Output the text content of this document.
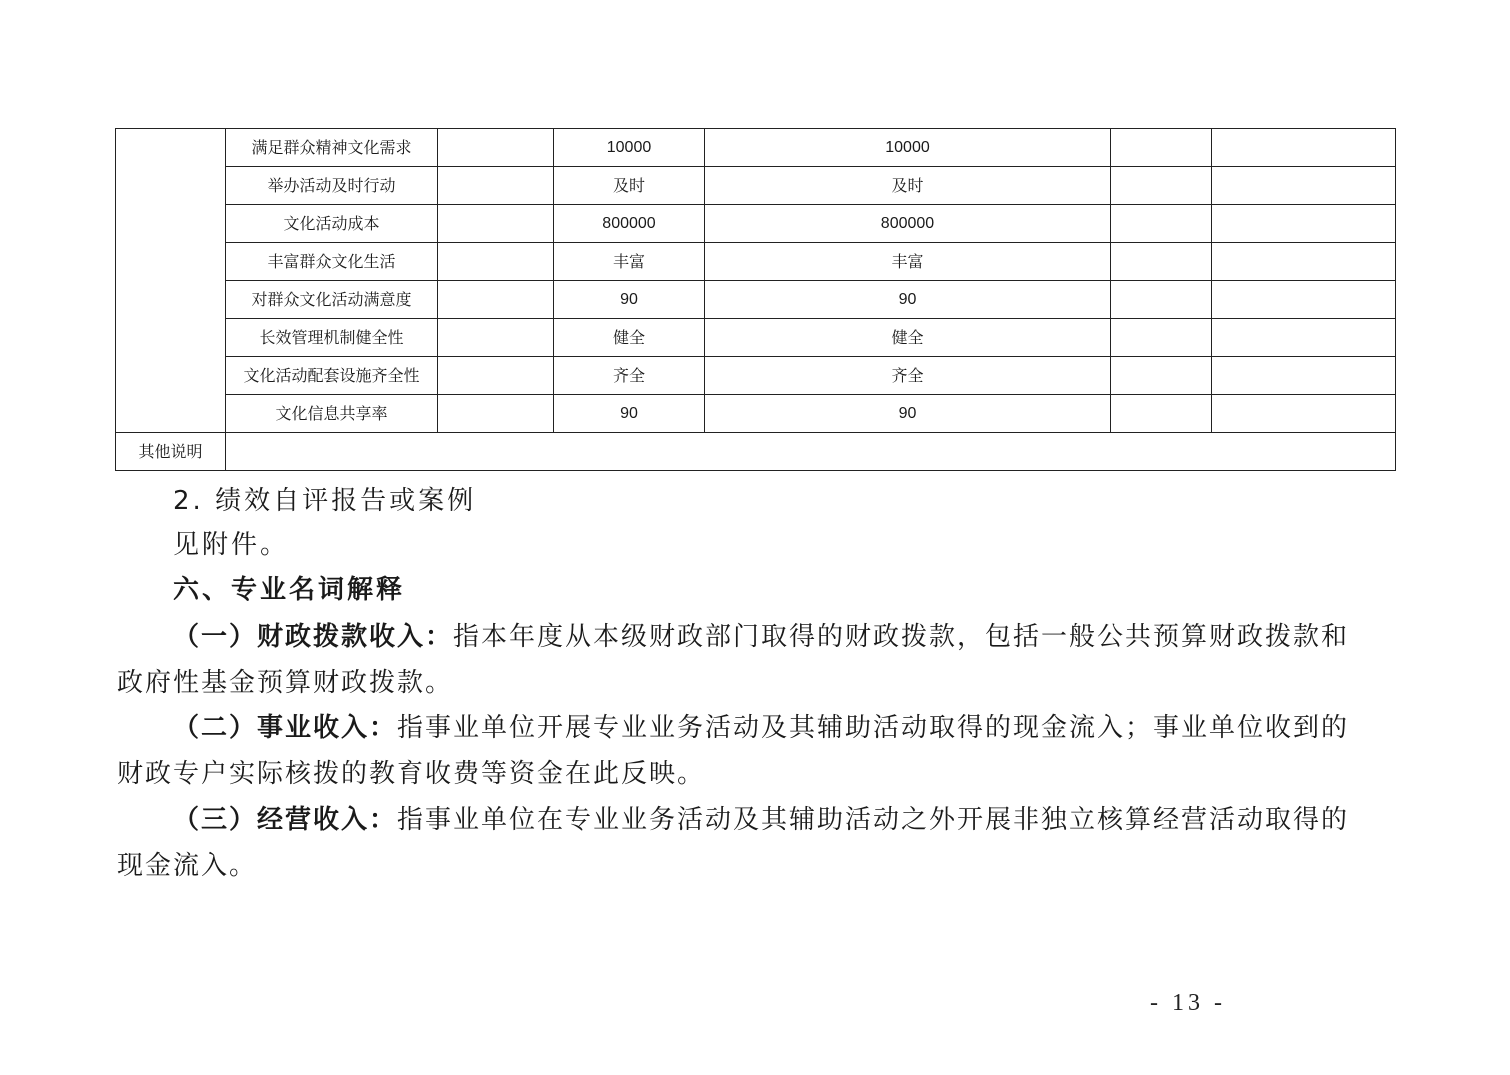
	满足群众精神文化需求		10000	10000		
	举办活动及时行动		及时	及时		
	文化活动成本		800000	800000		
	丰富群众文化生活		丰富	丰富		
	对群众文化活动满意度		90	90		
	长效管理机制健全性		健全	健全		
	文化活动配套设施齐全性		齐全	齐全		
	文化信息共享率		90	90		
其他说明						
2. 绩效自评报告或案例
见附件。
六、专业名词解释
（一）财政拨款收入：指本年度从本级财政部门取得的财政拨款，包括一般公共预算财政拨款和
政府性基金预算财政拨款。
（二）事业收入：指事业单位开展专业业务活动及其辅助活动取得的现金流入；事业单位收到的
财政专户实际核拨的教育收费等资金在此反映。
（三）经营收入：指事业单位在专业业务活动及其辅助活动之外开展非独立核算经营活动取得的
现金流入。
- 13 -
